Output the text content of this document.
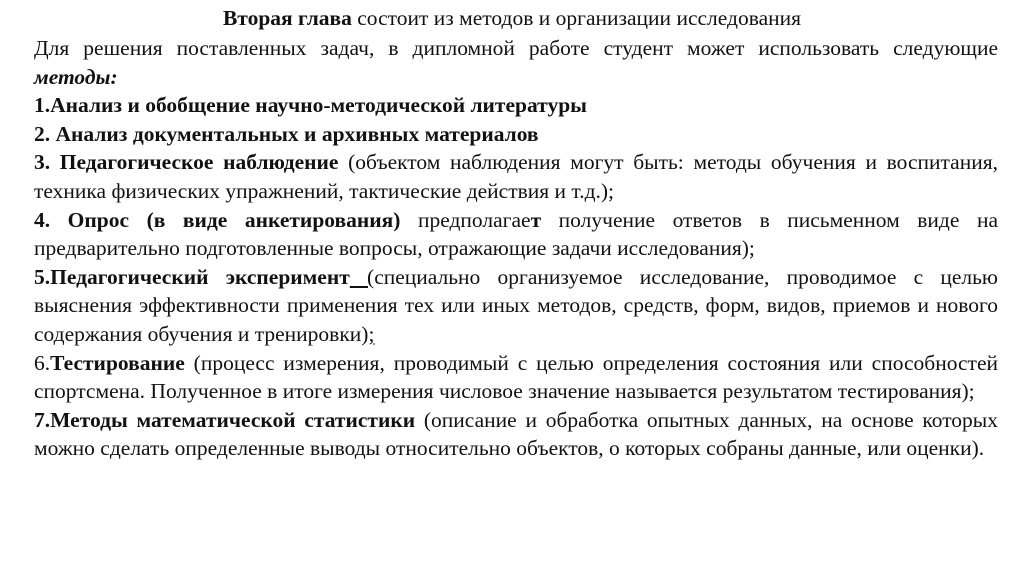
Вторая глава состоит из методов и организации исследования

Для решения поставленных задач, в дипломной работе студент может использовать следующие методы:

1.Анализ и обобщение научно-методической литературы

2. Анализ документальных и архивных материалов

3. Педагогическое наблюдение (объектом наблюдения могут быть: методы обучения и воспитания, техника физических упражнений, тактические действия и т.д.);

4. Опрос (в виде анкетирования) предполагает получение ответов в письменном виде на предварительно подготовленные вопросы, отражающие задачи исследования);

5.Педагогический эксперимент (специально организуемое исследование, проводимое с целью выяснения эффективности применения тех или иных методов, средств, форм, видов, приемов и нового содержания обучения и тренировки);

6.Тестирование (процесс измерения, проводимый с целью определения состояния или способностей спортсмена. Полученное в итоге измерения числовое значение называется результатом тестирования);

7.Методы математической статистики (описание и обработка опытных данных, на основе которых можно сделать определенные выводы относительно объектов, о которых собраны данные, или оценки).
